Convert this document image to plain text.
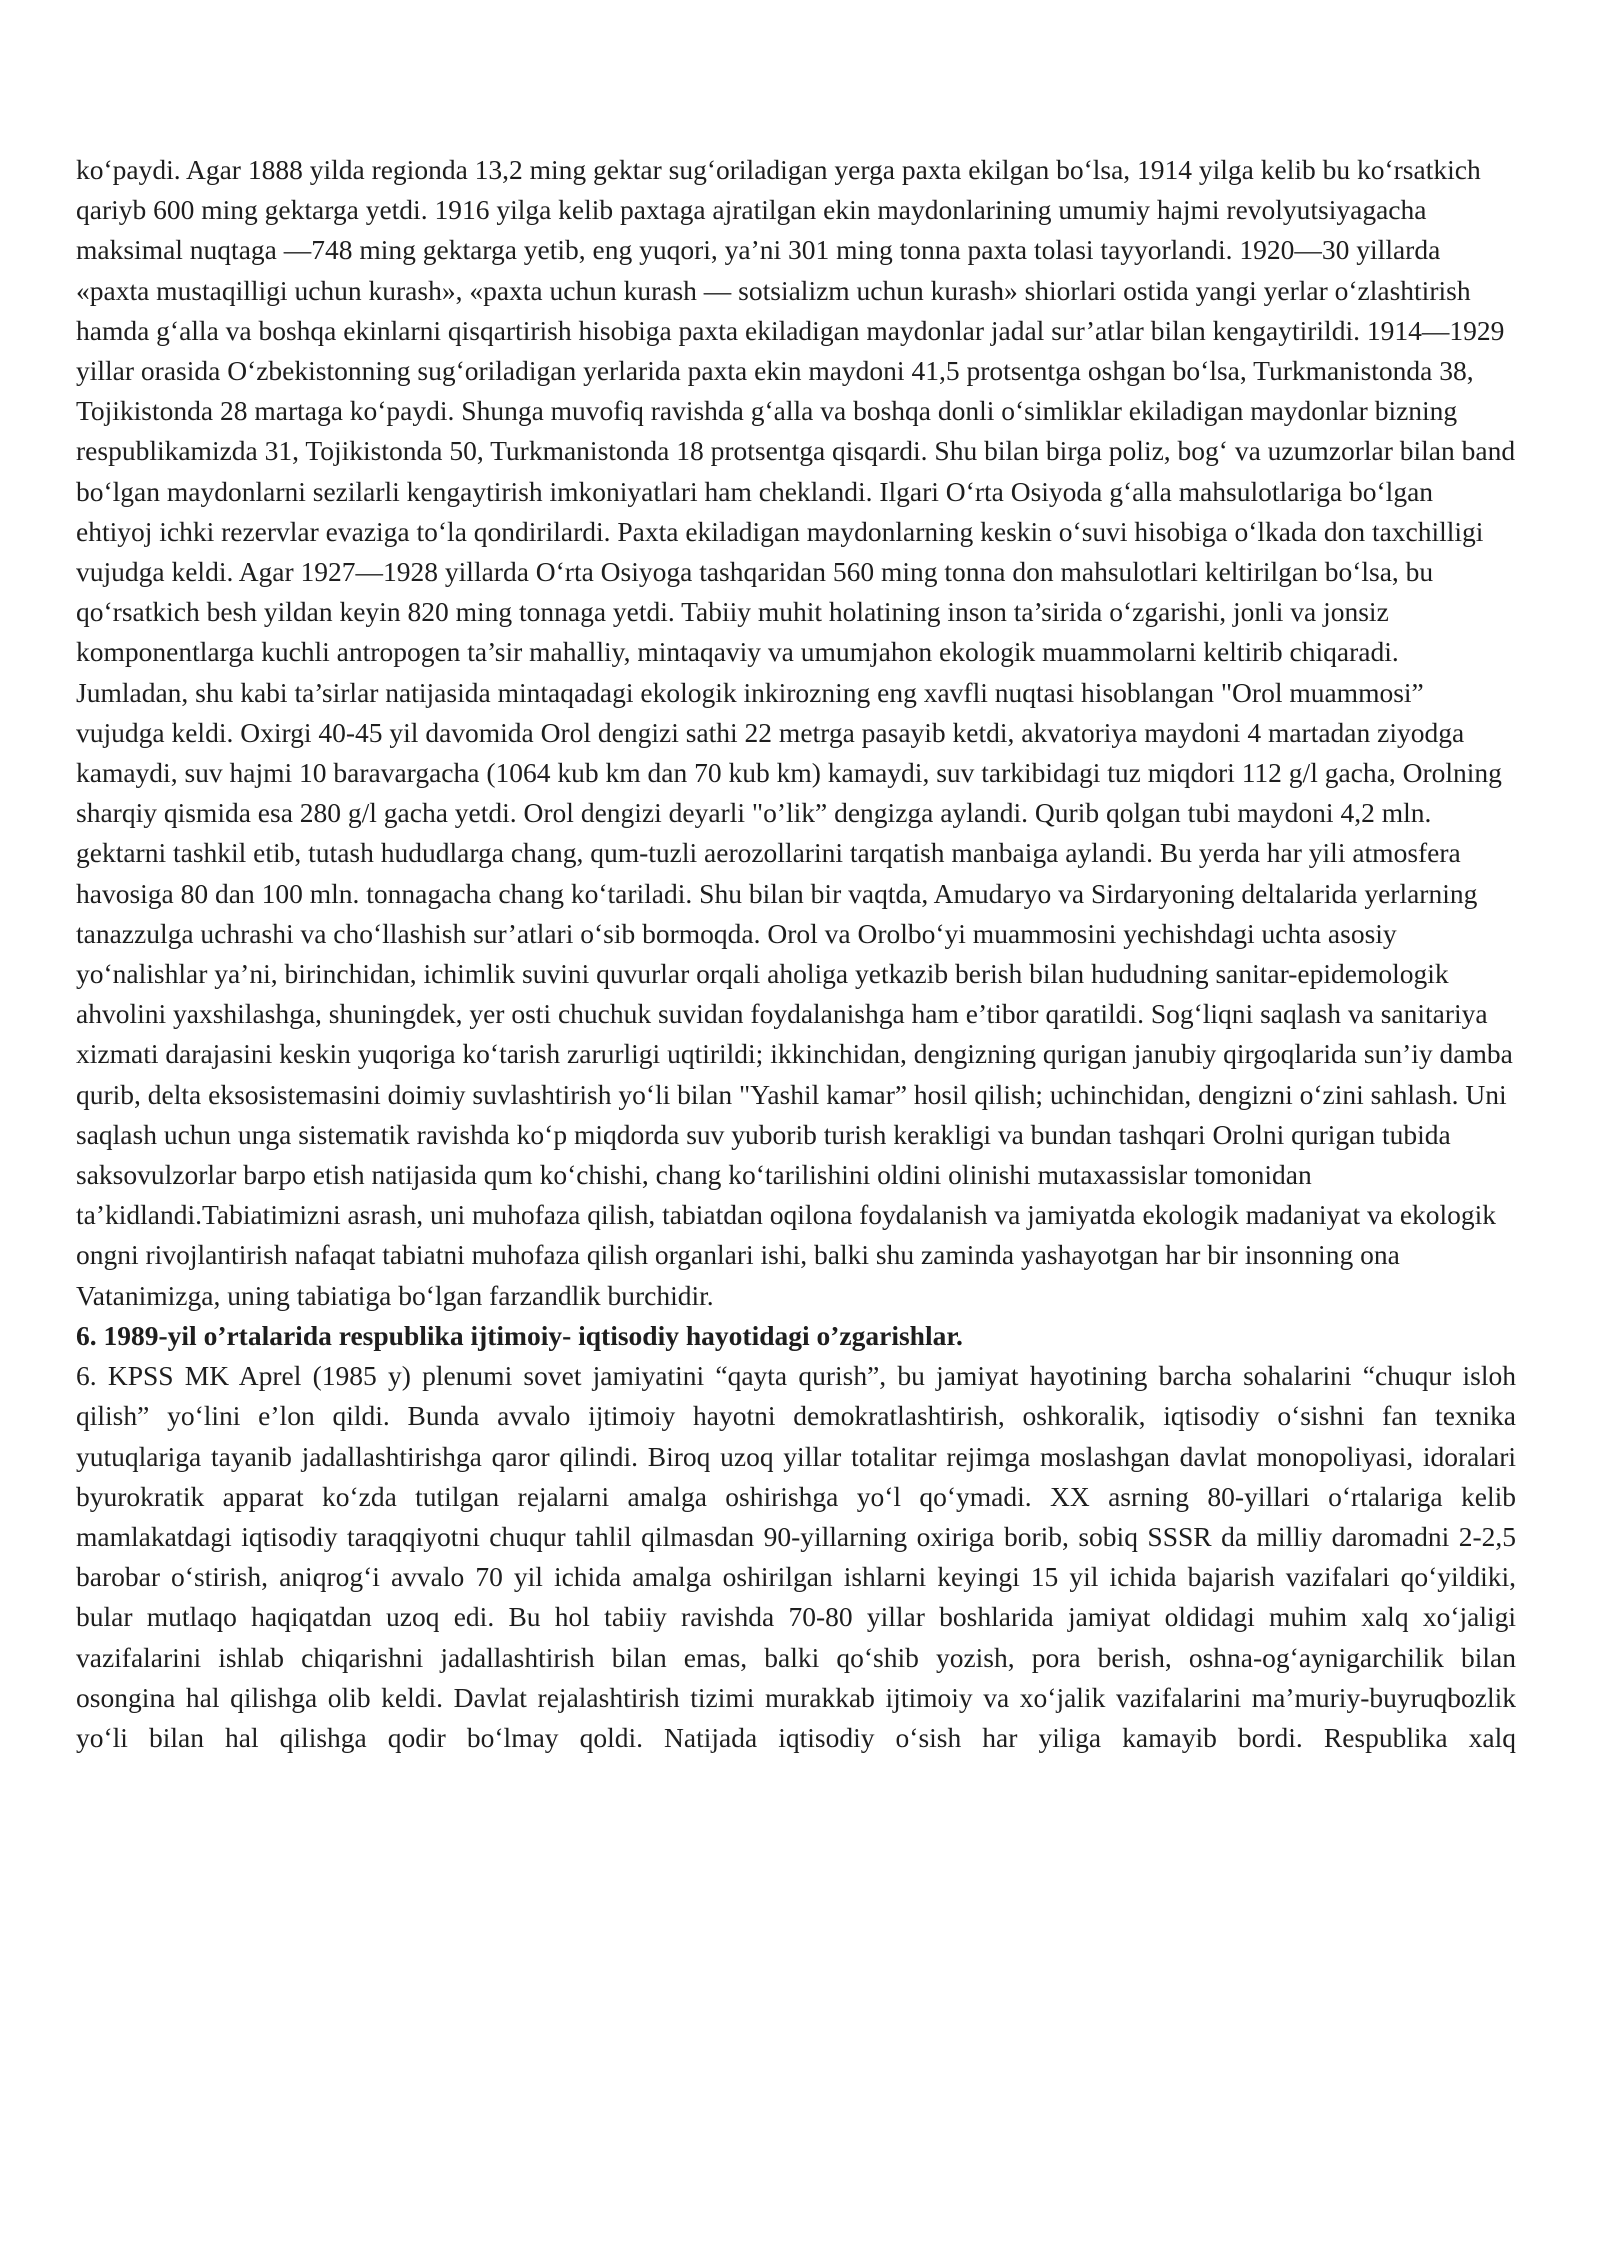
ko‘paydi. Agar 1888 yilda regionda 13,2 ming gektar sug‘oriladigan yerga paxta ekilgan bo‘lsa, 1914 yilga kelib bu ko‘rsatkich qariyb 600 ming gektarga yetdi. 1916 yilga kelib paxtaga ajratilgan ekin maydonlarining umumiy hajmi revolyutsiyagacha maksimal nuqtaga —748 ming gektarga yetib, eng yuqori, ya’ni 301 ming tonna paxta tolasi tayyorlandi. 1920—30 yillarda «paxta mustaqilligi uchun kurash», «paxta uchun kurash — sotsializm uchun kurash» shiorlari ostida yangi yerlar o‘zlashtirish hamda g‘alla va boshqa ekinlarni qisqartirish hisobiga paxta ekiladigan maydonlar jadal sur’atlar bilan kengaytirildi. 1914—1929 yillar orasida O‘zbekistonning sug‘oriladigan yerlarida paxta ekin maydoni 41,5 protsentga oshgan bo‘lsa, Turkmanistonda 38, Tojikistonda 28 martaga ko‘paydi. Shunga muvofiq ravishda g‘alla va boshqa donli o‘simliklar ekiladigan maydonlar bizning respublikamizda 31, Tojikistonda 50, Turkmanistonda 18 protsentga qisqardi. Shu bilan birga poliz, bog‘ va uzumzorlar bilan band bo‘lgan maydonlarni sezilarli kengaytirish imkoniyatlari ham cheklandi. Ilgari O‘rta Osiyoda g‘alla mahsulotlariga bo‘lgan ehtiyoj ichki rezervlar evaziga to‘la qondirilardi. Paxta ekiladigan maydonlarning keskin o‘suvi hisobiga o‘lkada don taxchilligi vujudga keldi. Agar 1927—1928 yillarda O‘rta Osiyoga tashqaridan 560 ming tonna don mahsulotlari keltirilgan bo‘lsa, bu qo‘rsatkich besh yildan keyin 820 ming tonnaga yetdi. Tabiiy muhit holatining inson ta’sirida o‘zgarishi, jonli va jonsiz komponentlarga kuchli antropogen ta’sir mahalliy, mintaqaviy va umumjahon ekologik muammolarni keltirib chiqaradi. Jumladan, shu kabi ta’sirlar natijasida mintaqadagi ekologik inkirozning eng xavfli nuqtasi hisoblangan "Orol muammosi” vujudga keldi. Oxirgi 40-45 yil davomida Orol dengizi sathi 22 metrga pasayib ketdi, akvatoriya maydoni 4 martadan ziyodga kamaydi, suv hajmi 10 baravargacha (1064 kub km dan 70 kub km) kamaydi, suv tarkibidagi tuz miqdori 112 g/l gacha, Orolning sharqiy qismida esa 280 g/l gacha yetdi. Orol dengizi deyarli "o’lik” dengizga aylandi. Qurib qolgan tubi maydoni 4,2 mln. gektarni tashkil etib, tutash hududlarga chang, qum-tuzli aerozollarini tarqatish manbaiga aylandi. Bu yerda har yili atmosfera havosiga 80 dan 100 mln. tonnagacha chang ko‘tariladi. Shu bilan bir vaqtda, Amudaryo va Sirdaryoning deltalarida yerlarning tanazzulga uchrashi va cho‘llashish sur’atlari o‘sib bormoqda. Orol va Orolbo‘yi muammosini yechishdagi uchta asosiy yo‘nalishlar ya’ni, birinchidan, ichimlik suvini quvurlar orqali aholiga yetkazib berish bilan hududning sanitar-epidemologik ahvolini yaxshilashga, shuningdek, yer osti chuchuk suvidan foydalanishga ham e’tibor qaratildi. Sog‘liqni saqlash va sanitariya xizmati darajasini keskin yuqoriga ko‘tarish zarurligi uqtirildi; ikkinchidan, dengizning qurigan janubiy qirgoqlarida sun’iy damba qurib, delta eksosistemasini doimiy suvlashtirish yo‘li bilan "Yashil kamar” hosil qilish; uchinchidan, dengizni o‘zini sahlash. Uni saqlash uchun unga sistematik ravishda ko‘p miqdorda suv yuborib turish kerakligi va bundan tashqari Orolni qurigan tubida saksovulzorlar barpo etish natijasida qum ko‘chishi, chang ko‘tarilishini oldini olinishi mutaxassislar tomonidan ta’kidlandi.Tabiatimizni asrash, uni muhofaza qilish, tabiatdan oqilona foydalanish va jamiyatda ekologik madaniyat va ekologik ongni rivojlantirish nafaqat tabiatni muhofaza qilish organlari ishi, balki shu zaminda yashayotgan har bir insonning ona Vatanimizga, uning tabiatiga bo‘lgan farzandlik burchidir.

6. 1989-yil o’rtalarida respublika ijtimoiy- iqtisodiy hayotidagi o’zgarishlar.

6. KPSS MK Aprel (1985 y) plenumi sovet jamiyatini “qayta qurish”, bu jamiyat hayotining barcha sohalarini “chuqur isloh qilish” yo‘lini e’lon qildi. Bunda avvalo ijtimoiy hayotni demokratlashtirish, oshkoralik, iqtisodiy o‘sishni fan texnika yutuqlariga tayanib jadallashtirishga qaror qilindi. Biroq uzoq yillar totalitar rejimga moslashgan davlat monopoliyasi, idoralari byurokratik apparat ko‘zda tutilgan rejalarni amalga oshirishga yo‘l qo‘ymadi. XX asrning 80-yillari o‘rtalariga kelib mamlakatdagi iqtisodiy taraqqiyotni chuqur tahlil qilmasdan 90-yillarning oxiriga borib, sobiq SSSR da milliy daromadni 2-2,5 barobar o‘stirish, aniqrog‘i avvalo 70 yil ichida amalga oshirilgan ishlarni keyingi 15 yil ichida bajarish vazifalari qo‘yildiki, bular mutlaqo haqiqatdan uzoq edi. Bu hol tabiiy ravishda 70-80 yillar boshlarida jamiyat oldidagi muhim xalq xo‘jaligi vazifalarini ishlab chiqarishni jadallashtirish bilan emas, balki qo‘shib yozish, pora berish, oshna-og‘aynigarchilik bilan osongina hal qilishga olib keldi. Davlat rejalashtirish tizimi murakkab ijtimoiy va xo‘jalik vazifalarini ma’muriy-buyruqbozlik yo‘li bilan hal qilishga qodir bo‘lmay qoldi. Natijada iqtisodiy o‘sish har yiliga kamayib bordi. Respublika xalq
